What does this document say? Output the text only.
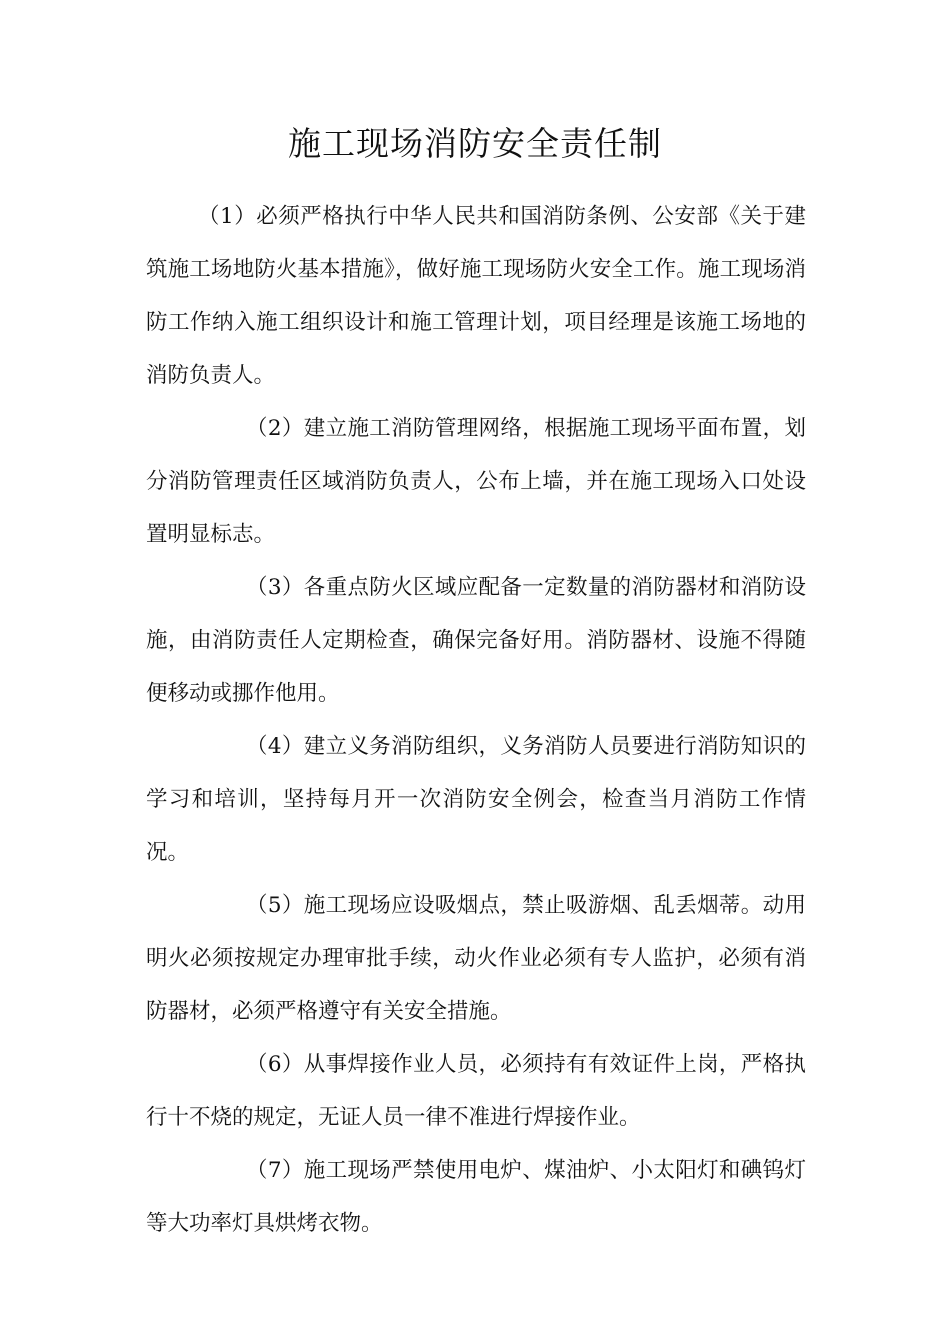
施工现场消防安全责任制

（1）必须严格执行中华人民共和国消防条例、公安部《关于建筑施工场地防火基本措施》，做好施工现场防火安全工作。施工现场消防工作纳入施工组织设计和施工管理计划，项目经理是该施工场地的消防负责人。

（2）建立施工消防管理网络，根据施工现场平面布置，划分消防管理责任区域消防负责人，公布上墙，并在施工现场入口处设置明显标志。

（3）各重点防火区域应配备一定数量的消防器材和消防设施，由消防责任人定期检查，确保完备好用。消防器材、设施不得随便移动或挪作他用。

（4）建立义务消防组织，义务消防人员要进行消防知识的学习和培训，坚持每月开一次消防安全例会，检查当月消防工作情况。

（5）施工现场应设吸烟点，禁止吸游烟、乱丢烟蒂。动用明火必须按规定办理审批手续，动火作业必须有专人监护，必须有消防器材，必须严格遵守有关安全措施。

（6）从事焊接作业人员，必须持有有效证件上岗，严格执行十不烧的规定，无证人员一律不准进行焊接作业。

（7）施工现场严禁使用电炉、煤油炉、小太阳灯和碘钨灯等大功率灯具烘烤衣物。
